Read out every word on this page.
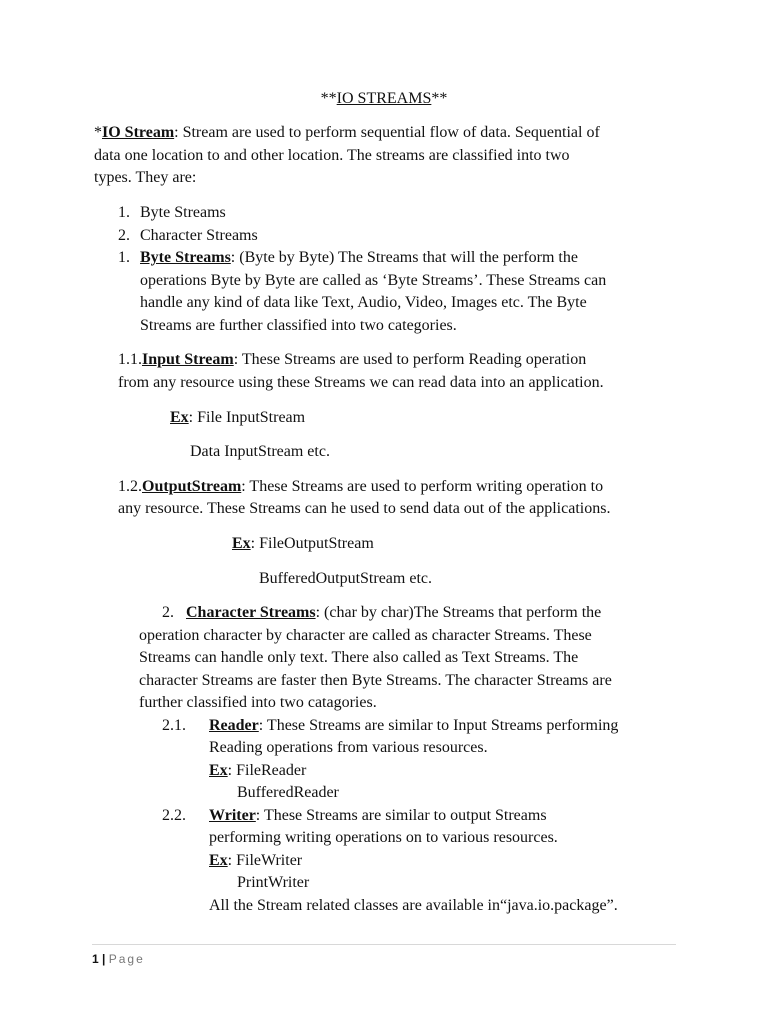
**IO STREAMS**
*IO Stream: Stream are used to perform sequential flow of data. Sequential of
data one location to and other location. The streams are classified into two
types. They are:
1. Byte Streams
2. Character Streams
1. Byte Streams: (Byte by Byte) The Streams that will the perform the
operations Byte by Byte are called as ‘Byte Streams’. These Streams can
handle any kind of data like Text, Audio, Video, Images etc. The Byte
Streams are further classified into two categories.
1.1.Input Stream: These Streams are used to perform Reading operation
from any resource using these Streams we can read data into an application.
Ex: File InputStream
Data InputStream etc.
1.2.OutputStream: These Streams are used to perform writing operation to
any resource. These Streams can he used to send data out of the applications.
Ex: FileOutputStream
BufferedOutputStream etc.
2. Character Streams: (char by char)The Streams that perform the
operation character by character are called as character Streams. These
Streams can handle only text. There also called as Text Streams. The
character Streams are faster then Byte Streams. The character Streams are
further classified into two catagories.
2.1. Reader: These Streams are similar to Input Streams performing
Reading operations from various resources.
Ex: FileReader
BufferedReader
2.2. Writer: These Streams are similar to output Streams
performing writing operations on to various resources.
Ex: FileWriter
PrintWriter
All the Stream related classes are available in“java.io.package”.
1 | Page
